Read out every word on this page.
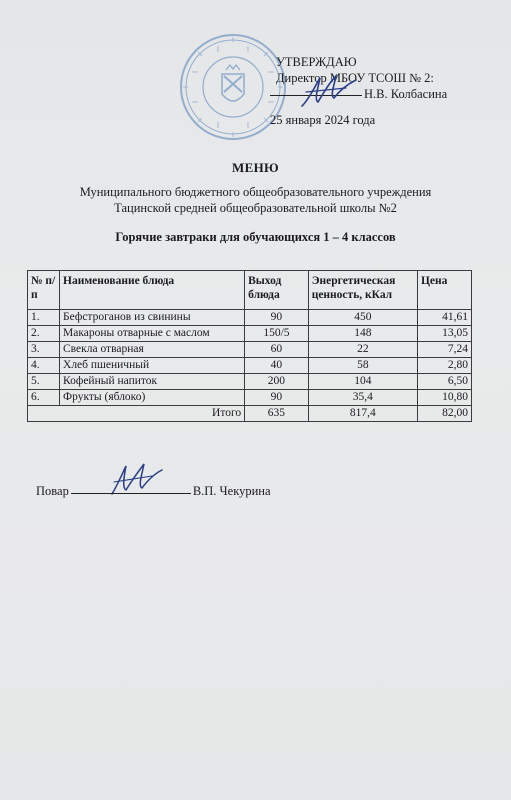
УТВЕРЖДАЮ
Директор МБОУ ТСОШ № 2:
Н.В. Колбасина
25 января 2024 года
МЕНЮ
Муниципального бюджетного общеобразовательного учреждения
Тацинской средней общеобразовательной школы №2
Горячие завтраки для обучающихся 1 – 4 классов
№ п/п	Наименование блюда	Выход блюда	Энергетическая ценность, кКал	Цена
1.	Бефстроганов из свинины	90	450	41,61
2.	Макароны отварные с маслом	150/5	148	13,05
3.	Свекла отварная	60	22	7,24
4.	Хлеб пшеничный	40	58	2,80
5.	Кофейный напиток	200	104	6,50
6.	Фрукты (яблоко)	90	35,4	10,80
Итого		635	817,4	82,00
Повар	В.П. Чекурина
